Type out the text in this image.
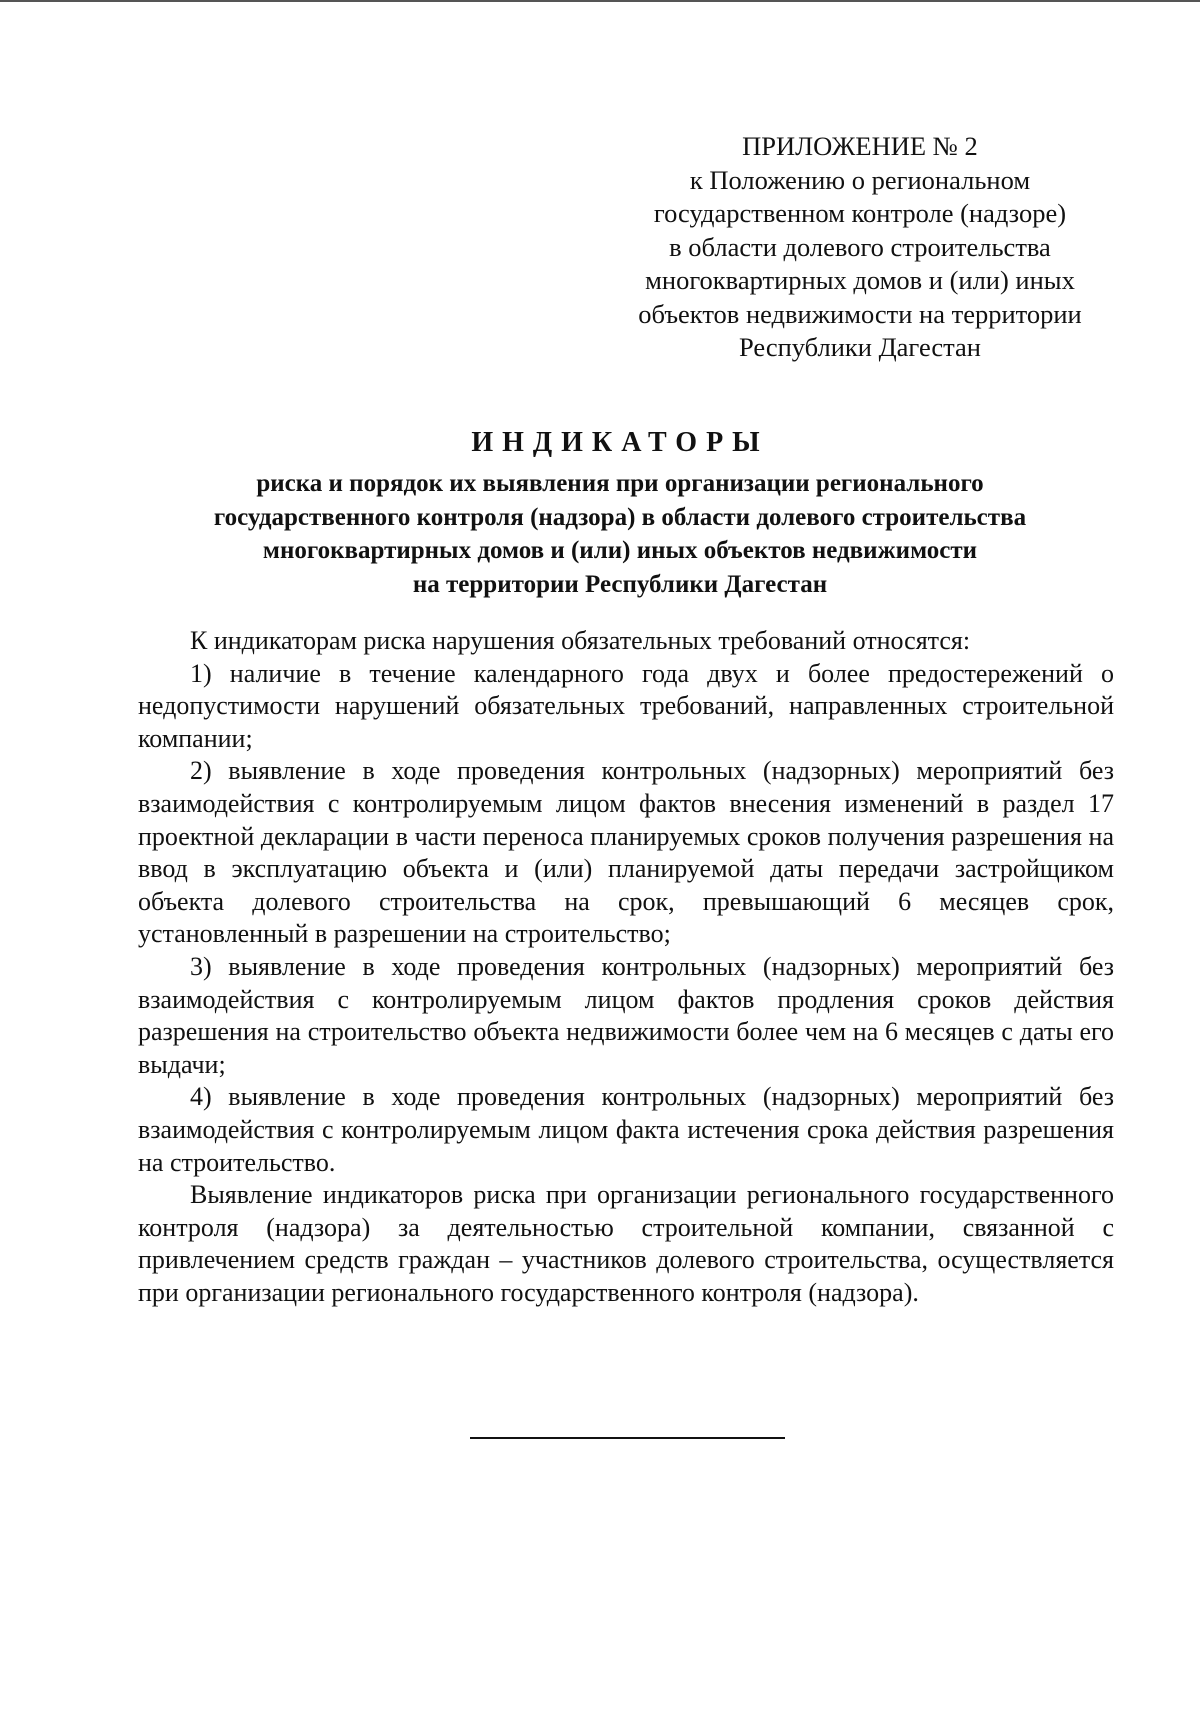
ПРИЛОЖЕНИЕ № 2
к Положению о региональном
государственном контроле (надзоре)
в области долевого строительства
многоквартирных домов и (или) иных
объектов недвижимости на территории
Республики Дагестан
ИНДИКАТОРЫ
риска и порядок их выявления при организации регионального
государственного контроля (надзора) в области долевого строительства
многоквартирных домов и (или) иных объектов недвижимости
на территории Республики Дагестан

К индикаторам риска нарушения обязательных требований относятся:

1) наличие в течение календарного года двух и более предостережений о недопустимости нарушений обязательных требований, направленных строительной компании;

2) выявление в ходе проведения контрольных (надзорных) мероприятий без взаимодействия с контролируемым лицом фактов внесения изменений в раздел 17 проектной декларации в части переноса планируемых сроков получения разрешения на ввод в эксплуатацию объекта и (или) планируемой даты передачи застройщиком объекта долевого строительства на срок, превышающий 6 месяцев срок, установленный в разрешении на строительство;

3) выявление в ходе проведения контрольных (надзорных) мероприятий без взаимодействия с контролируемым лицом фактов продления сроков действия разрешения на строительство объекта недвижимости более чем на 6 месяцев с даты его выдачи;

4) выявление в ходе проведения контрольных (надзорных) мероприятий без взаимодействия с контролируемым лицом факта истечения срока действия разрешения на строительство.

Выявление индикаторов риска при организации регионального государственного контроля (надзора) за деятельностью строительной компании, связанной с привлечением средств граждан – участников долевого строительства, осуществляется при организации регионального государственного контроля (надзора).
